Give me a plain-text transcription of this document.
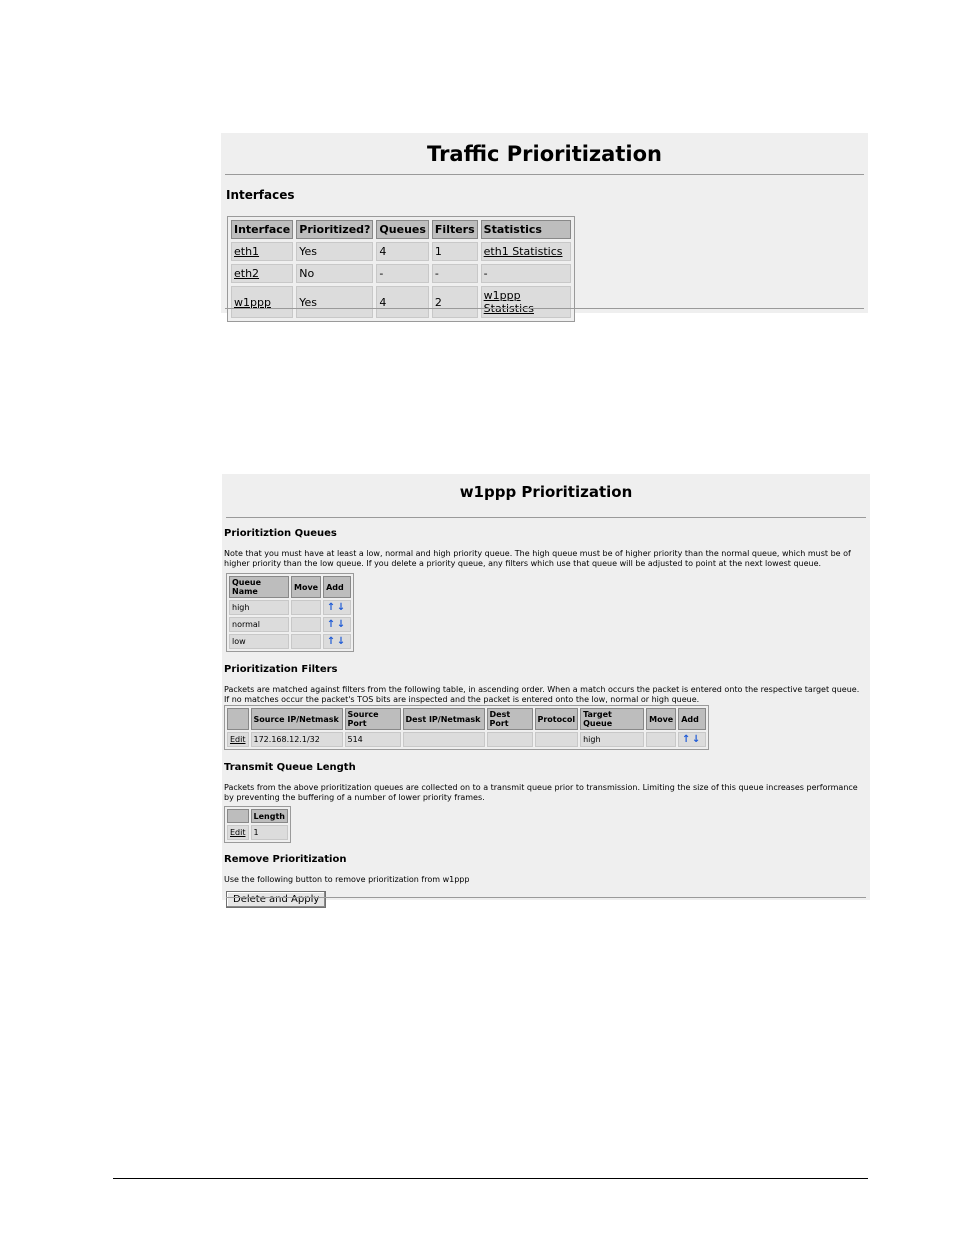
Traffic Prioritization
Interfaces
Interface	Prioritized?	Queues	Filters	Statistics
eth1	Yes	4	1	eth1 Statistics
eth2	No	-	-	-
w1ppp	Yes	4	2	w1ppp Statistics
w1ppp Prioritization
Prioritiztion Queues
Note that you must have at least a low, normal and high priority queue. The high queue must be of higher priority than the normal queue, which must be of higher priority than the low queue. If you delete a priority queue, any filters which use that queue will be adjusted to point at the next lowest queue.
Queue Name	Move	Add
high		↑ ↓
normal		↑ ↓
low		↑ ↓
Prioritization Filters
Packets are matched against filters from the following table, in ascending order. When a match occurs the packet is entered onto the respective target queue. If no matches occur the packet's TOS bits are inspected and the packet is entered onto the low, normal or high queue.
	Source IP/Netmask	Source Port	Dest IP/Netmask	Dest Port	Protocol	Target Queue	Move	Add
Edit	172.168.12.1/32	514				high		↑ ↓
Transmit Queue Length
Packets from the above prioritization queues are collected on to a transmit queue prior to transmission. Limiting the size of this queue increases performance by preventing the buffering of a number of lower priority frames.
	Length
Edit	1
Remove Prioritization
Use the following button to remove prioritization from w1ppp
Delete and Apply
